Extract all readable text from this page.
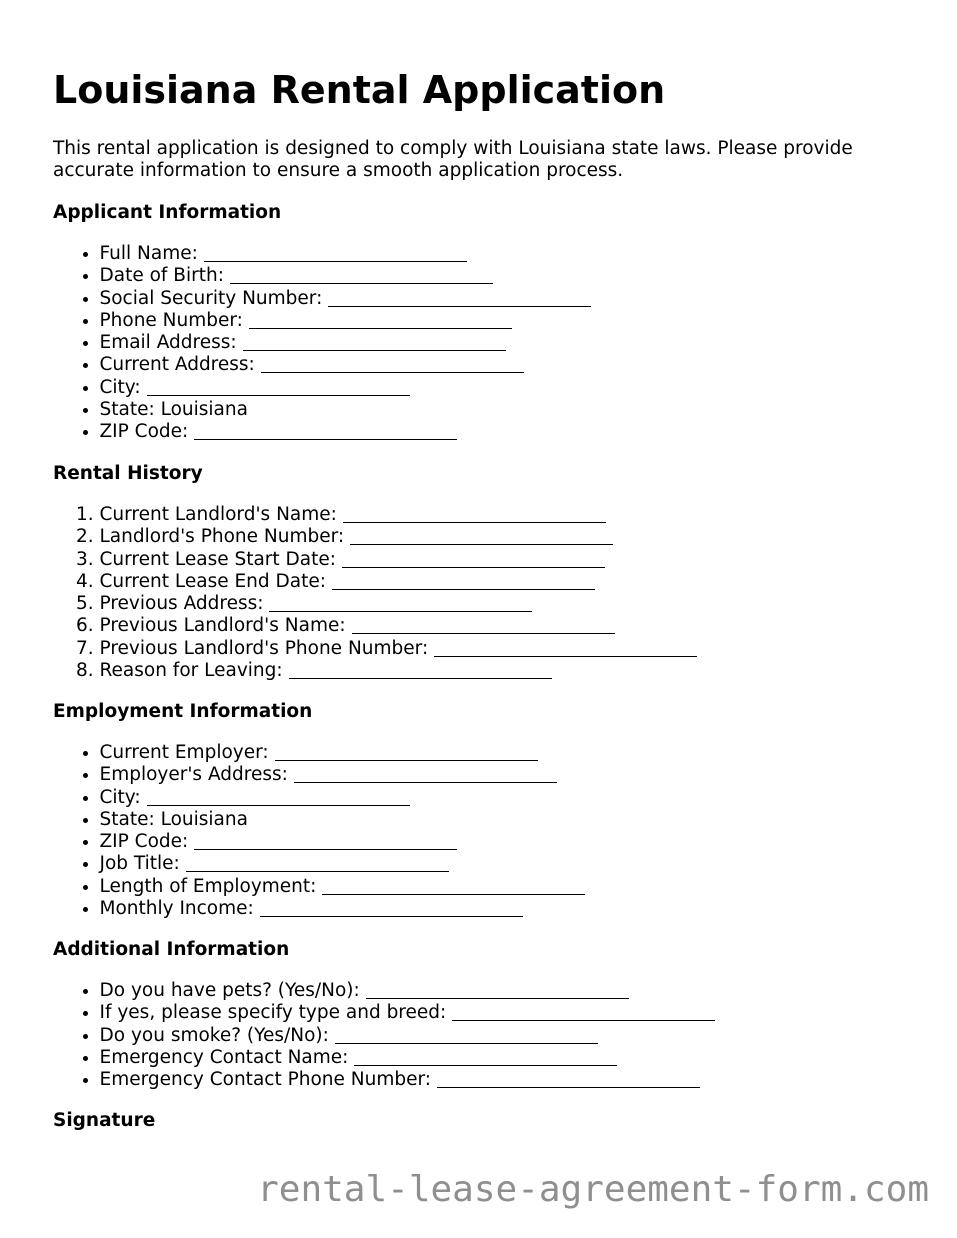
Louisiana Rental Application

This rental application is designed to comply with Louisiana state laws. Please provide accurate information to ensure a smooth application process.

Applicant Information
• Full Name:
• Date of Birth:
• Social Security Number:
• Phone Number:
• Email Address:
• Current Address:
• City:
• State: Louisiana
• ZIP Code:
Rental History
1. Current Landlord's Name:
2. Landlord's Phone Number:
3. Current Lease Start Date:
4. Current Lease End Date:
5. Previous Address:
6. Previous Landlord's Name:
7. Previous Landlord's Phone Number:
8. Reason for Leaving:
Employment Information
• Current Employer:
• Employer's Address:
• City:
• State: Louisiana
• ZIP Code:
• Job Title:
• Length of Employment:
• Monthly Income:
Additional Information
• Do you have pets? (Yes/No):
• If yes, please specify type and breed:
• Do you smoke? (Yes/No):
• Emergency Contact Name:
• Emergency Contact Phone Number:
Signature
rental-lease-agreement-form.com
